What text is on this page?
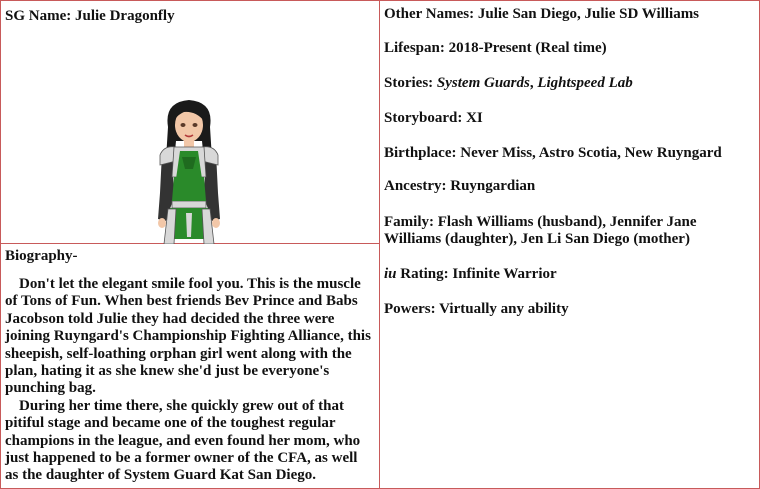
SG Name: Julie Dragonfly
Biography-

Don't let the elegant smile fool you. This is the muscle of Tons of Fun. When best friends Bev Prince and Babs Jacobson told Julie they had decided the three were joining Ruyngard's Championship Fighting Alliance, this sheepish, self-loathing orphan girl went along with the plan, hating it as she knew she'd just be everyone's punching bag.

During her time there, she quickly grew out of that pitiful stage and became one of the toughest regular champions in the league, and even found her mom, who just happened to be a former owner of the CFA, as well as the daughter of System Guard Kat San Diego.

Other Names: Julie San Diego, Julie SD Williams
Lifespan: 2018-Present (Real time)
Stories: System Guards, Lightspeed Lab
Storyboard: XI
Birthplace: Never Miss, Astro Scotia, New Ruyngard
Ancestry: Ruyngardian
Family: Flash Williams (husband), Jennifer Jane Williams (daughter), Jen Li San Diego (mother)
iu Rating: Infinite Warrior
Powers: Virtually any ability
